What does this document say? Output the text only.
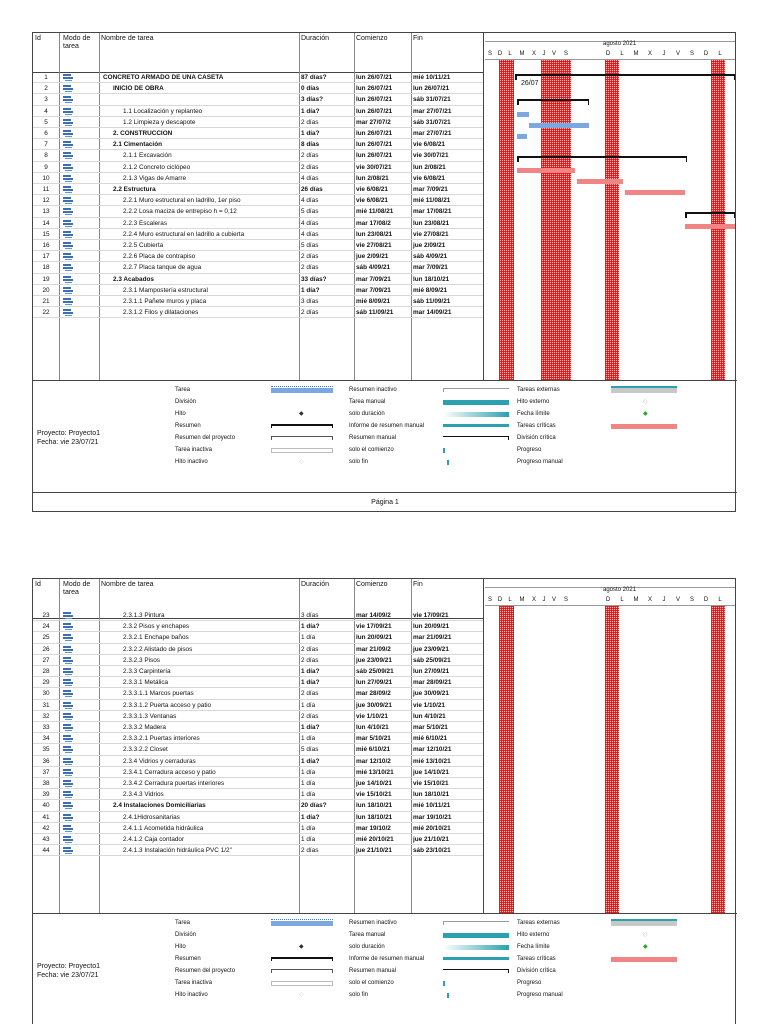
Id	Modo de tarea
Nombre de tarea	Duración	Comienzo	Fin
1	CONCRETO ARMADO DE UNA CASETA	87 días?	lun 26/07/21	mié 10/11/21
2	INICIO DE OBRA	0 días	lun 26/07/21	lun 26/07/21
3	3 días?	lun 26/07/21	sáb 31/07/21
4	1.1 Localización y replanteo	1 día?	lun 26/07/21	mar 27/07/21
5	1.2 Limpieza y descapote	2 días	mar 27/07/2	sáb 31/07/21
6	2. CONSTRUCCION	1 día?	lun 26/07/21	mar 27/07/21
7	2.1 Cimentación	8 días	lun 26/07/21	vie 6/08/21
8	2.1.1 Excavación	2 días	lun 26/07/21	vie 30/07/21
9	2.1.2 Concreto ciclópeo	2 días	vie 30/07/21	lun 2/08/21
10	2.1.3 Vigas de Amarre	4 días	lun 2/08/21	vie 6/08/21
11	2.2 Estructura	26 días	vie 6/08/21	mar 7/09/21
12	2.2.1 Muro estructural en ladrillo, 1er piso	4 días	vie 6/08/21	mié 11/08/21
13	2.2.2 Losa maciza de entrepiso h = 0,12	5 días	mié 11/08/21	mar 17/08/21
14	2.2.3 Escaleras	4 días	mar 17/08/2	lun 23/08/21
15	2.2.4 Muro estructural en ladrillo a cubierta	4 días	lun 23/08/21	vie 27/08/21
16	2.2.5 Cubierta	5 días	vie 27/08/21	jue 2/09/21
17	2.2.6 Placa de contrapiso	2 días	jue 2/09/21	sáb 4/09/21
18	2.2.7 Placa tanque de agua	2 días	sáb 4/09/21	mar 7/09/21
19	2.3 Acabados	33 días?	mar 7/09/21	lun 18/10/21
20	2.3.1 Mampostería estructural	1 día?	mar 7/09/21	mié 8/09/21
21	2.3.1.1 Pañete muros y placa	3 días	mié 8/09/21	sáb 11/09/21
22	2.3.1.2 Filos y dilataciones	2 días	sáb 11/09/21	mar 14/09/21
agosto 2021
S D	L	M	X	J	V	S	D	L	M	X	J	V	S	D	L
26/07
Proyecto: Proyecto1
Fecha: vie 23/07/21
Tarea
División
Hito
Resumen
Resumen del proyecto
Tarea inactiva
Hito inactivo
Resumen inactivo
Tarea manual
solo duración
Informe de resumen manual
Resumen manual
solo el comienzo
solo fin
Tareas externas
Hito externo
Fecha límite
Tareas críticas
División crítica
Progreso
Progreso manual
◆
◇
◇
◆
Página 1
Id	Modo de tarea
Nombre de tarea	Duración	Comienzo	Fin
23	2.3.1.3 Pintura	3 días	mar 14/09/2	vie 17/09/21
24	2.3.2 Pisos y enchapes	1 día?	vie 17/09/21	lun 20/09/21
25	2.3.2.1 Enchape baños	1 día	lun 20/09/21	mar 21/09/21
26	2.3.2.2 Alistado de pisos	2 días	mar 21/09/2	jue 23/09/21
27	2.3.2.3 Pisos	2 días	jue 23/09/21	sáb 25/09/21
28	2.3.3 Carpintería	1 día?	sáb 25/09/21	lun 27/09/21
29	2.3.3.1 Metálica	1 día?	lun 27/09/21	mar 28/09/21
30	2.3.3.1.1 Marcos puertas	2 días	mar 28/09/2	jue 30/09/21
31	2.3.3.1.2 Puerta acceso y patio	1 día	jue 30/09/21	vie 1/10/21
32	2.3.3.1.3 Ventanas	2 días	vie 1/10/21	lun 4/10/21
33	2.3.3.2 Madera	1 día?	lun 4/10/21	mar 5/10/21
34	2.3.3.2.1 Puertas interiores	1 día	mar 5/10/21	mié 6/10/21
35	2.3.3.2.2 Closet	5 días	mié 6/10/21	mar 12/10/21
36	2.3.4 Vidrios y cerraduras	1 día?	mar 12/10/2	mié 13/10/21
37	2.3.4.1 Cerradura acceso y patio	1 día	mié 13/10/21	jue 14/10/21
38	2.3.4.2 Cerradura puertas interiores	1 día	jue 14/10/21	vie 15/10/21
39	2.3.4.3 Vidrios	1 día	vie 15/10/21	lun 18/10/21
40	2.4 Instalaciones Domiciliarias	20 días?	lun 18/10/21	mié 10/11/21
41	2.4.1Hidrosanitarias	1 día?	lun 18/10/21	mar 19/10/21
42	2.4.1.1 Acometida hidráulica	1 día	mar 19/10/2	mié 20/10/21
43	2.4.1.2 Caja contador	1 día	mié 20/10/21	jue 21/10/21
44	2.4.1.3 Instalación hidráulica PVC 1/2"	2 días	jue 21/10/21	sáb 23/10/21
agosto 2021
S D	L	M	X	J	V	S	D	L	M	X	J	V	S	D	L
Proyecto: Proyecto1
Fecha: vie 23/07/21
Tarea
División
Hito
Resumen
Resumen del proyecto
Tarea inactiva
Hito inactivo
Resumen inactivo
Tarea manual
solo duración
Informe de resumen manual
Resumen manual
solo el comienzo
solo fin
Tareas externas
Hito externo
Fecha límite
Tareas críticas
División crítica
Progreso
Progreso manual
◆
◇
◇
◆
